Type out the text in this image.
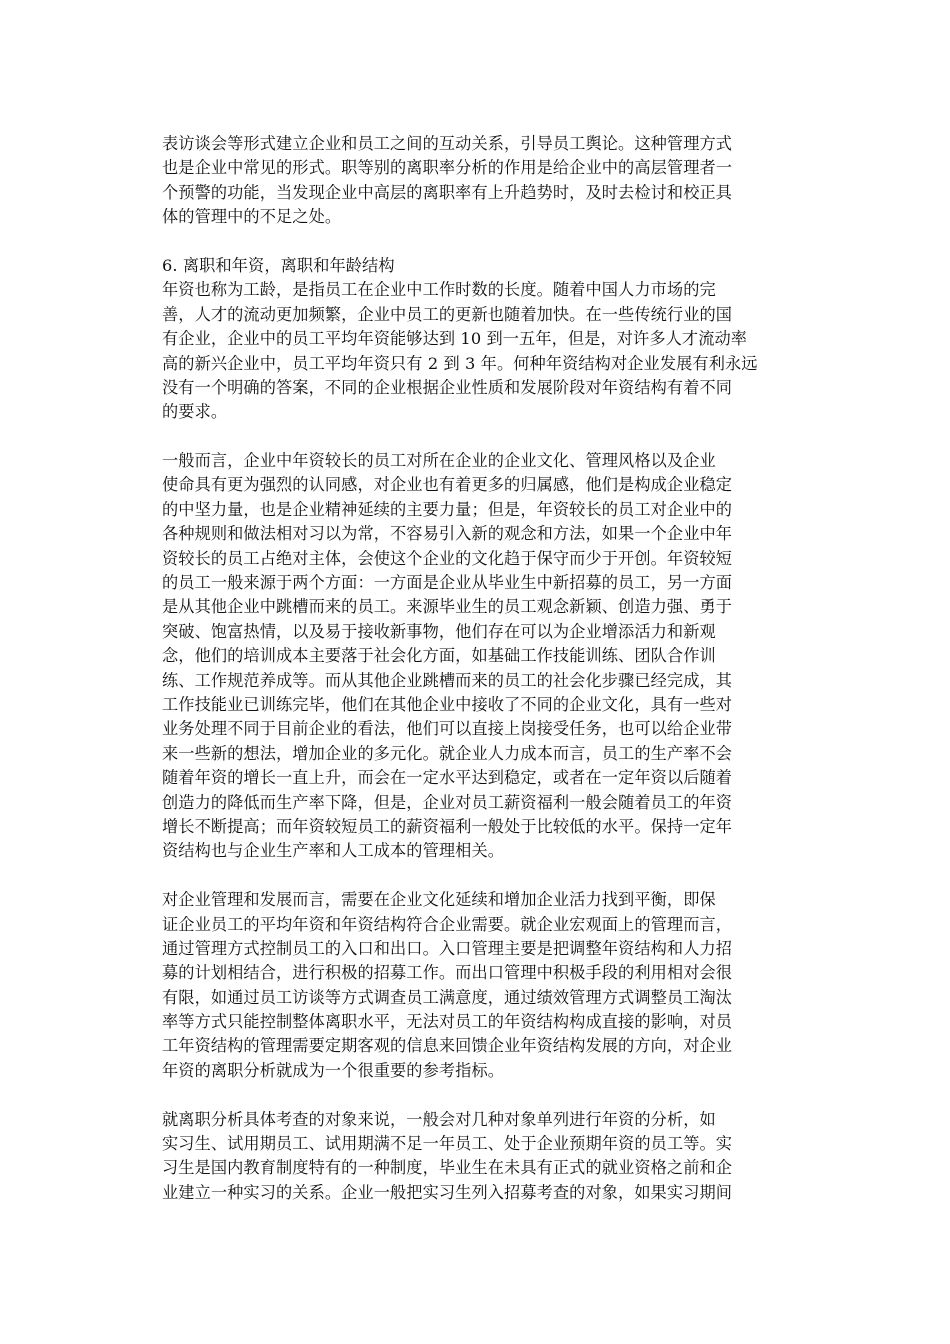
表访谈会等形式建立企业和员工之间的互动关系，引导员工舆论。这种管理方式
也是企业中常见的形式。职等别的离职率分析的作用是给企业中的高层管理者一
个预警的功能，当发现企业中高层的离职率有上升趋势时，及时去检讨和校正具
体的管理中的不足之处。
6. 离职和年资，离职和年龄结构
年资也称为工龄，是指员工在企业中工作时数的长度。随着中国人力市场的完
善，人才的流动更加频繁，企业中员工的更新也随着加快。在一些传统行业的国
有企业，企业中的员工平均年资能够达到 10 到一五年，但是，对许多人才流动率
高的新兴企业中，员工平均年资只有 2 到 3 年。何种年资结构对企业发展有利永远
没有一个明确的答案，不同的企业根据企业性质和发展阶段对年资结构有着不同
的要求。
一般而言，企业中年资较长的员工对所在企业的企业文化、管理风格以及企业
使命具有更为强烈的认同感，对企业也有着更多的归属感，他们是构成企业稳定
的中坚力量，也是企业精神延续的主要力量；但是，年资较长的员工对企业中的
各种规则和做法相对习以为常，不容易引入新的观念和方法，如果一个企业中年
资较长的员工占绝对主体，会使这个企业的文化趋于保守而少于开创。年资较短
的员工一般来源于两个方面：一方面是企业从毕业生中新招募的员工，另一方面
是从其他企业中跳槽而来的员工。来源毕业生的员工观念新颖、创造力强、勇于
突破、饱富热情，以及易于接收新事物，他们存在可以为企业增添活力和新观
念，他们的培训成本主要落于社会化方面，如基础工作技能训练、团队合作训
练、工作规范养成等。而从其他企业跳槽而来的员工的社会化步骤已经完成，其
工作技能业已训练完毕，他们在其他企业中接收了不同的企业文化，具有一些对
业务处理不同于目前企业的看法，他们可以直接上岗接受任务，也可以给企业带
来一些新的想法，增加企业的多元化。就企业人力成本而言，员工的生产率不会
随着年资的增长一直上升，而会在一定水平达到稳定，或者在一定年资以后随着
创造力的降低而生产率下降，但是，企业对员工薪资福利一般会随着员工的年资
增长不断提高；而年资较短员工的薪资福利一般处于比较低的水平。保持一定年
资结构也与企业生产率和人工成本的管理相关。
对企业管理和发展而言，需要在企业文化延续和增加企业活力找到平衡，即保
证企业员工的平均年资和年资结构符合企业需要。就企业宏观面上的管理而言，
通过管理方式控制员工的入口和出口。入口管理主要是把调整年资结构和人力招
募的计划相结合，进行积极的招募工作。而出口管理中积极手段的利用相对会很
有限，如通过员工访谈等方式调查员工满意度，通过绩效管理方式调整员工淘汰
率等方式只能控制整体离职水平，无法对员工的年资结构构成直接的影响，对员
工年资结构的管理需要定期客观的信息来回馈企业年资结构发展的方向，对企业
年资的离职分析就成为一个很重要的参考指标。
就离职分析具体考查的对象来说，一般会对几种对象单列进行年资的分析，如
实习生、试用期员工、试用期满不足一年员工、处于企业预期年资的员工等。实
习生是国内教育制度特有的一种制度，毕业生在未具有正式的就业资格之前和企
业建立一种实习的关系。企业一般把实习生列入招募考查的对象，如果实习期间
